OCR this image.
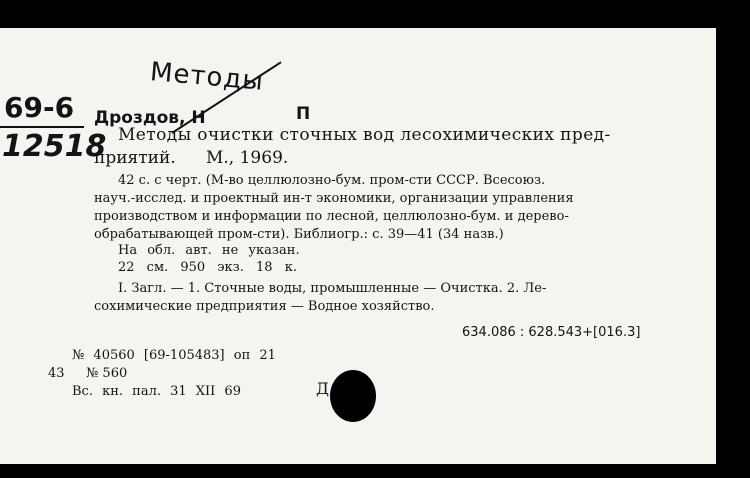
Методы
69-6
12518
Дроздов, Н	П
Методы очистки сточных вод лесохимических пред-
приятий. М., 1969.
42 с. с черт. (М-во целлюлозно-бум. пром-сти СССР. Всесоюз.
науч.-исслед. и проектный ин-т экономики, организации управления
производством и информации по лесной, целлюлозно-бум. и дерево-
обрабатывающей пром-сти). Библиогр.: с. 39—41 (34 назв.)
На обл. авт. не указан.
22 см. 950 экз. 18 к.
I. Загл. — 1. Сточные воды, промышленные — Очистка. 2. Ле-
сохимические предприятия — Водное хозяйство.
634.086 : 628.543+[016.3]
№ 40560 [69-105483] оп 21
43 № 560
Вс. кн. пал. 31 XII 69	Д
